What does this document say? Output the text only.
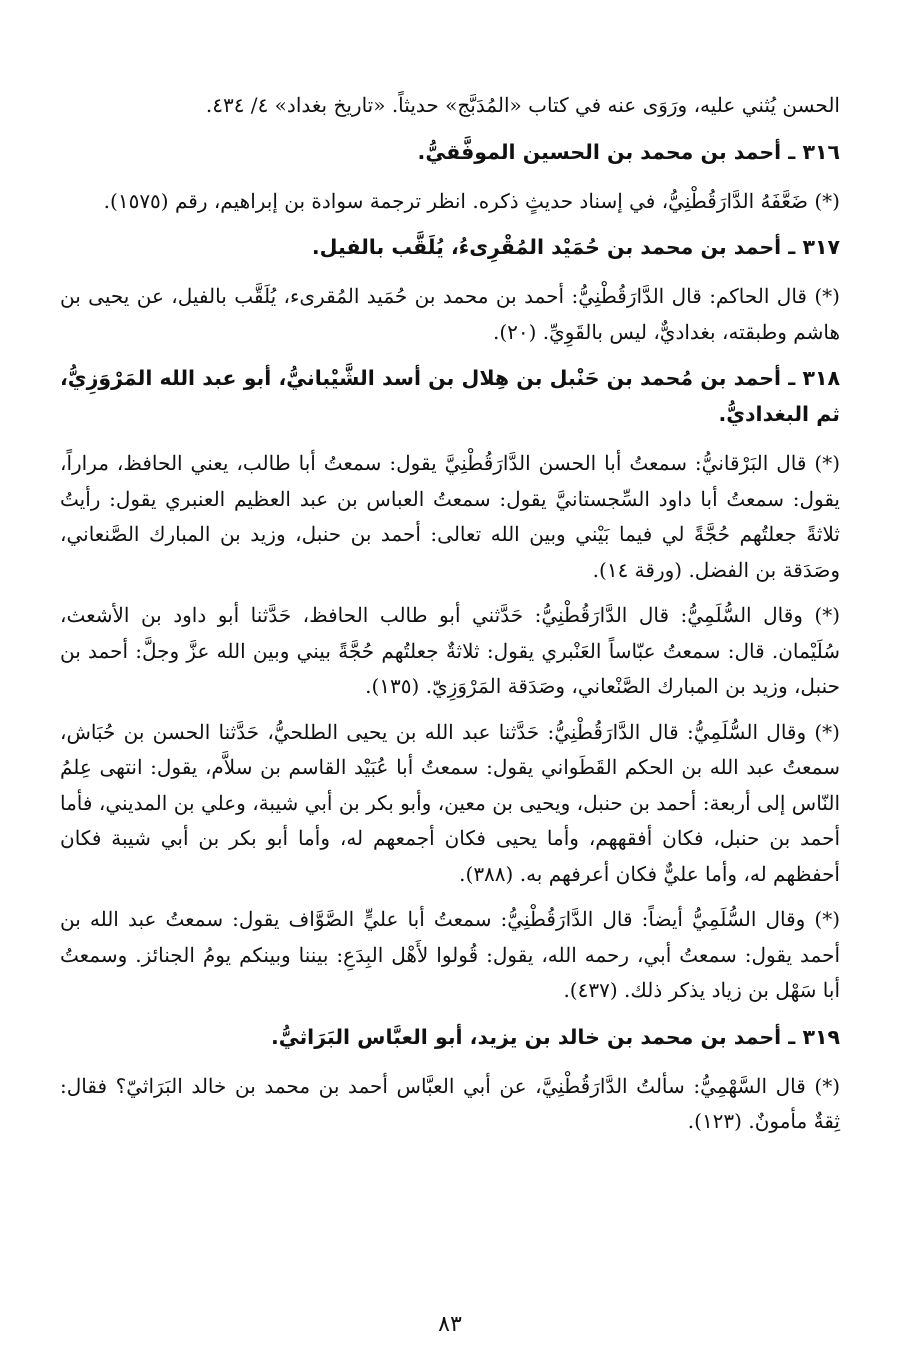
الحسن يُثني عليه، ورَوَى عنه في كتاب «المُدَبَّج» حديثاً. «تاريخ بغداد» ٤/ ٤٣٤.

٣١٦ ـ أحمد بن محمد بن الحسين الموفَّقيُّ.

(*) ضَعَّفَهُ الدَّارَقُطْنِيُّ، في إسناد حديثٍ ذكره. انظر ترجمة سوادة بن إبراهيم، رقم (١٥٧٥).

٣١٧ ـ أحمد بن محمد بن حُمَيْد المُقْرِىءُ، يُلَقَّب بالفيل.

(*) قال الحاكم: قال الدَّارَقُطْنِيُّ: أحمد بن محمد بن حُمَيد المُقرىء، يُلَقَّب بالفيل، عن يحيى بن هاشم وطبقته، بغداديٌّ، ليس بالقَوِيِّ. (٢٠).

٣١٨ ـ أحمد بن مُحمد بن حَنْبل بن هِلال بن أسد الشَّيْبانيُّ، أبو عبد الله المَرْوَزِيُّ، ثم البغداديُّ.

(*) قال البَرْقانيُّ: سمعتُ أبا الحسن الدَّارَقُطْنِيَّ يقول: سمعتُ أبا طالب، يعني الحافظ، مراراً، يقول: سمعتُ أبا داود السِّجستانيَّ يقول: سمعتُ العباس بن عبد العظيم العنبري يقول: رأيتُ ثلاثةً جعلتُهم حُجَّةً لي فيما بَيْني وبين الله تعالى: أحمد بن حنبل، وزيد بن المبارك الصَّنعاني، وصَدَقة بن الفضل. (ورقة ١٤).

(*) وقال السُّلَمِيُّ: قال الدَّارَقُطْنِيُّ: حَدَّثني أبو طالب الحافظ، حَدَّثنا أبو داود بن الأشعث، سُلَيْمان. قال: سمعتُ عبّاساً العَنْبري يقول: ثلاثةٌ جعلتُهم حُجَّةً بيني وبين الله عزَّ وجلَّ: أحمد بن حنبل، وزيد بن المبارك الصَّنْعاني، وصَدَقة المَرْوَزِيّ. (١٣٥).

(*) وقال السُّلَمِيُّ: قال الدَّارَقُطْنِيُّ: حَدَّثنا عبد الله بن يحيى الطلحيُّ، حَدَّثنا الحسن بن حُبَاش، سمعتُ عبد الله بن الحكم القَطَواني يقول: سمعتُ أبا عُبَيْد القاسم بن سلاَّم، يقول: انتهى عِلمُ النّاس إلى أربعة: أحمد بن حنبل، ويحيى بن معين، وأبو بكر بن أبي شيبة، وعلي بن المديني، فأما أحمد بن حنبل، فكان أفقههم، وأما يحيى فكان أجمعهم له، وأما أبو بكر بن أبي شيبة فكان أحفظهم له، وأما عليٌّ فكان أعرفهم به. (٣٨٨).

(*) وقال السُّلَمِيُّ أيضاً: قال الدَّارَقُطْنِيُّ: سمعتُ أبا عليٍّ الصَّوَّاف يقول: سمعتُ عبد الله بن أحمد يقول: سمعتُ أبي، رحمه الله، يقول: قُولوا لأَهْل البِدَعِ: بيننا وبينكم يومُ الجنائز. وسمعتُ أبا سَهْل بن زياد يذكر ذلك. (٤٣٧).

٣١٩ ـ أحمد بن محمد بن خالد بن يزيد، أبو العبَّاس البَرَاثيُّ.

(*) قال السَّهْمِيُّ: سألتُ الدَّارَقُطْنِيَّ، عن أبي العبَّاس أحمد بن محمد بن خالد البَرَاثيّ؟ فقال: ثِقةٌ مأمونٌ. (١٢٣).

٨٣
